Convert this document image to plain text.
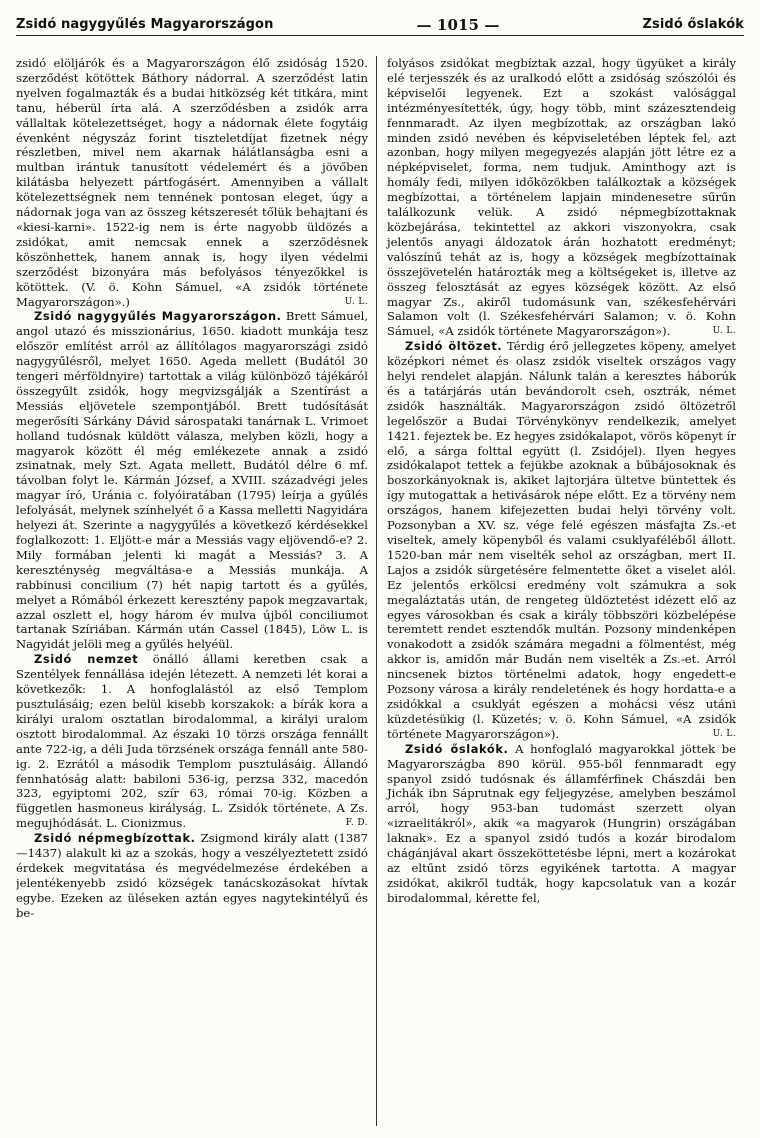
Zsidó nagygyűlés Magyarországon	— 1015 —	Zsidó őslakók

zsidó elöljárók és a Magyarországon élő zsidóság 1520. szerződést kötöttek Báthory nádorral. A szerződést latin nyelven fogalmazták és a budai hitközség két titkára, mint tanu, héberül írta alá. A szerződésben a zsidók arra vállaltak kötelezettséget, hogy a nádornak élete fogytáig évenként négyszáz forint tiszteletdíjat fizetnek négy részletben, mivel nem akarnak hálátlanságba esni a multban irántuk tanusított védelemért és a jövőben kilátásba helyezett pártfogásért. Amennyiben a vállalt kötelezettségnek nem tennének pontosan eleget, úgy a nádornak joga van az összeg kétszeresét tőlük behajtani és «kiesi-karni». 1522-ig nem is érte nagyobb üldözés a zsidókat, amit nemcsak ennek a szerződésnek köszönhettek, hanem annak is, hogy ilyen védelmi szerződést bizonyára más befolyásos tényezőkkel is kötöttek. (V. ö. Kohn Sámuel, «A zsidók története Magyarországon».)	U. L.

Zsidó nagygyűlés Magyarországon. Brett Sámuel, angol utazó és misszionárius, 1650. kiadott munkája tesz először említést arról az állítólagos magyarországi zsidó nagygyűlésről, melyet 1650. Ageda mellett (Budától 30 tengeri mérföldnyire) tartottak a világ különböző tájékáról összegyűlt zsidók, hogy megvizsgálják a Szentírást a Messiás eljövetele szempontjából. Brett tudósítását megerősíti Sárkány Dávid sárospataki tanárnak L. Vrimoet holland tudósnak küldött válasza, melyben közli, hogy a magyarok között él még emlékezete annak a zsidó zsinatnak, mely Szt. Agata mellett, Budától délre 6 mf. távolban folyt le. Kármán József, a XVIII. századvégi jeles magyar író, Uránia c. folyóiratában (1795) leírja a gyűlés lefolyását, melynek színhelyét ő a Kassa melletti Nagyidára helyezi át. Szerinte a nagygyűlés a következő kérdésekkel foglalkozott: 1. Eljött-e már a Messiás vagy eljövendő-e? 2. Mily formában jelenti ki magát a Messiás? 3. A kereszténység megváltása-e a Messiás munkája. A rabbinusi concilium (7) hét napig tartott és a gyűlés, melyet a Rómából érkezett keresztény papok megzavartak, azzal oszlett el, hogy három év mulva újból conciliumot tartanak Szíriában. Kármán után Cassel (1845), Löw L. is Nagyidát jelöli meg a gyűlés helyéül.

Zsidó nemzet önálló állami keretben csak a Szentélyek fennállása idején létezett. A nemzeti lét korai a következők: 1. A honfoglalástól az első Templom pusztulásáig; ezen belül kisebb korszakok: a bírák kora a királyi uralom osztatlan birodalommal, a királyi uralom osztott birodalommal. Az északi 10 törzs országa fennállt ante 722-ig, a déli Juda törzsének országa fennáll ante 580-ig. 2. Ezrától a második Templom pusztulásáig. Állandó fennhatóság alatt: babiloni 536-ig, perzsa 332, macedón 323, egyiptomi 202, szír 63, római 70-ig. Közben a független hasmoneus királyság. L. Zsidók története. A Zs. megujhódását. L. Cionizmus.	F. D.

Zsidó népmegbízottak. Zsigmond király alatt (1387—1437) alakult ki az a szokás, hogy a veszélyeztetett zsidó érdekek megvitatása és megvédelmezése érdekében a jelentékenyebb zsidó községek tanácskozásokat hívtak egybe. Ezeken az üléseken aztán egyes nagytekintélyű és be-

folyásos zsidókat megbíztak azzal, hogy ügyüket a király elé terjesszék és az uralkodó előtt a zsidóság szószólói és képviselői legyenek. Ezt a szokást valósággal intézményesítették, úgy, hogy több, mint százesztendeig fennmaradt. Az ilyen megbízottak, az országban lakó minden zsidó nevében és képviseletében léptek fel, azt azonban, hogy milyen megegyezés alapján jött létre ez a népképviselet, forma, nem tudjuk. Aminthogy azt is homály fedi, milyen időközökben találkoztak a községek megbízottai, a történelem lapjain mindenesetre sűrűn találkozunk velük. A zsidó népmegbízottaknak közbejárása, tekintettel az akkori viszonyokra, csak jelentős anyagi áldozatok árán hozhatott eredményt; valószínű tehát az is, hogy a községek megbízottainak összejövetelén határozták meg a költségeket is, illetve az összeg felosztását az egyes községek között. Az első magyar Zs., akiről tudomásunk van, székesfehérvári Salamon volt (l. Székesfehérvári Salamon; v. ö. Kohn Sámuel, «A zsidók története Magyarországon»).	U. L.

Zsidó öltözet. Térdig érő jellegzetes köpeny, amelyet középkori német és olasz zsidók viseltek országos vagy helyi rendelet alapján. Nálunk talán a keresztes háborúk és a tatárjárás után bevándorolt cseh, osztrák, német zsidók használták. Magyarországon zsidó öltözetről legelőször a Budai Törvénykönyv rendelkezik, amelyet 1421. fejeztek be. Ez hegyes zsidókalapot, vörös köpenyt ír elő, a sárga folttal együtt (l. Zsidójel). Ilyen hegyes zsidókalapot tettek a fejükbe azoknak a bűbájosoknak és boszorkányoknak is, akiket lajtorjára ültetve büntettek és így mutogattak a hetivásárok népe előtt. Ez a törvény nem országos, hanem kifejezetten budai helyi törvény volt. Pozsonyban a XV. sz. vége felé egészen másfajta Zs.-et viseltek, amely köpenyből és valami csuklyaféléből állott. 1520-ban már nem viselték sehol az országban, mert II. Lajos a zsidók sürgetésére felmentette őket a viselet alól. Ez jelentős erkölcsi eredmény volt számukra a sok megaláztatás után, de rengeteg üldöztetést idézett elő az egyes városokban és csak a király többszöri közbelépése teremtett rendet esztendők multán. Pozsony mindenképen vonakodott a zsidók számára megadni a fölmentést, még akkor is, amidőn már Budán nem viselték a Zs.-et. Arról nincsenek biztos történelmi adatok, hogy engedett-e Pozsony városa a király rendeletének és hogy hordatta-e a zsidókkal a csuklyát egészen a mohácsi vész utáni küzdetésükig (l. Küzetés; v. ö. Kohn Sámuel, «A zsidók története Magyarországon»).	U. L.

Zsidó őslakók. A honfoglaló magyarokkal jöttek be Magyarországba 890 körül. 955-ből fennmaradt egy spanyol zsidó tudósnak és államférfinek Chászdái ben Jichák ibn Sáprutnak egy feljegyzése, amelyben beszámol arról, hogy 953-ban tudomást szerzett olyan «izraelitákról», akik «a magyarok (Hungrin) országában laknak». Ez a spanyol zsidó tudós a kozár birodalom chágánjával akart összeköttetésbe lépni, mert a kozárokat az eltűnt zsidó törzs egyikének tartotta. A magyar zsidókat, akikről tudták, hogy kapcsolatuk van a kozár birodalommal, kérette fel,
